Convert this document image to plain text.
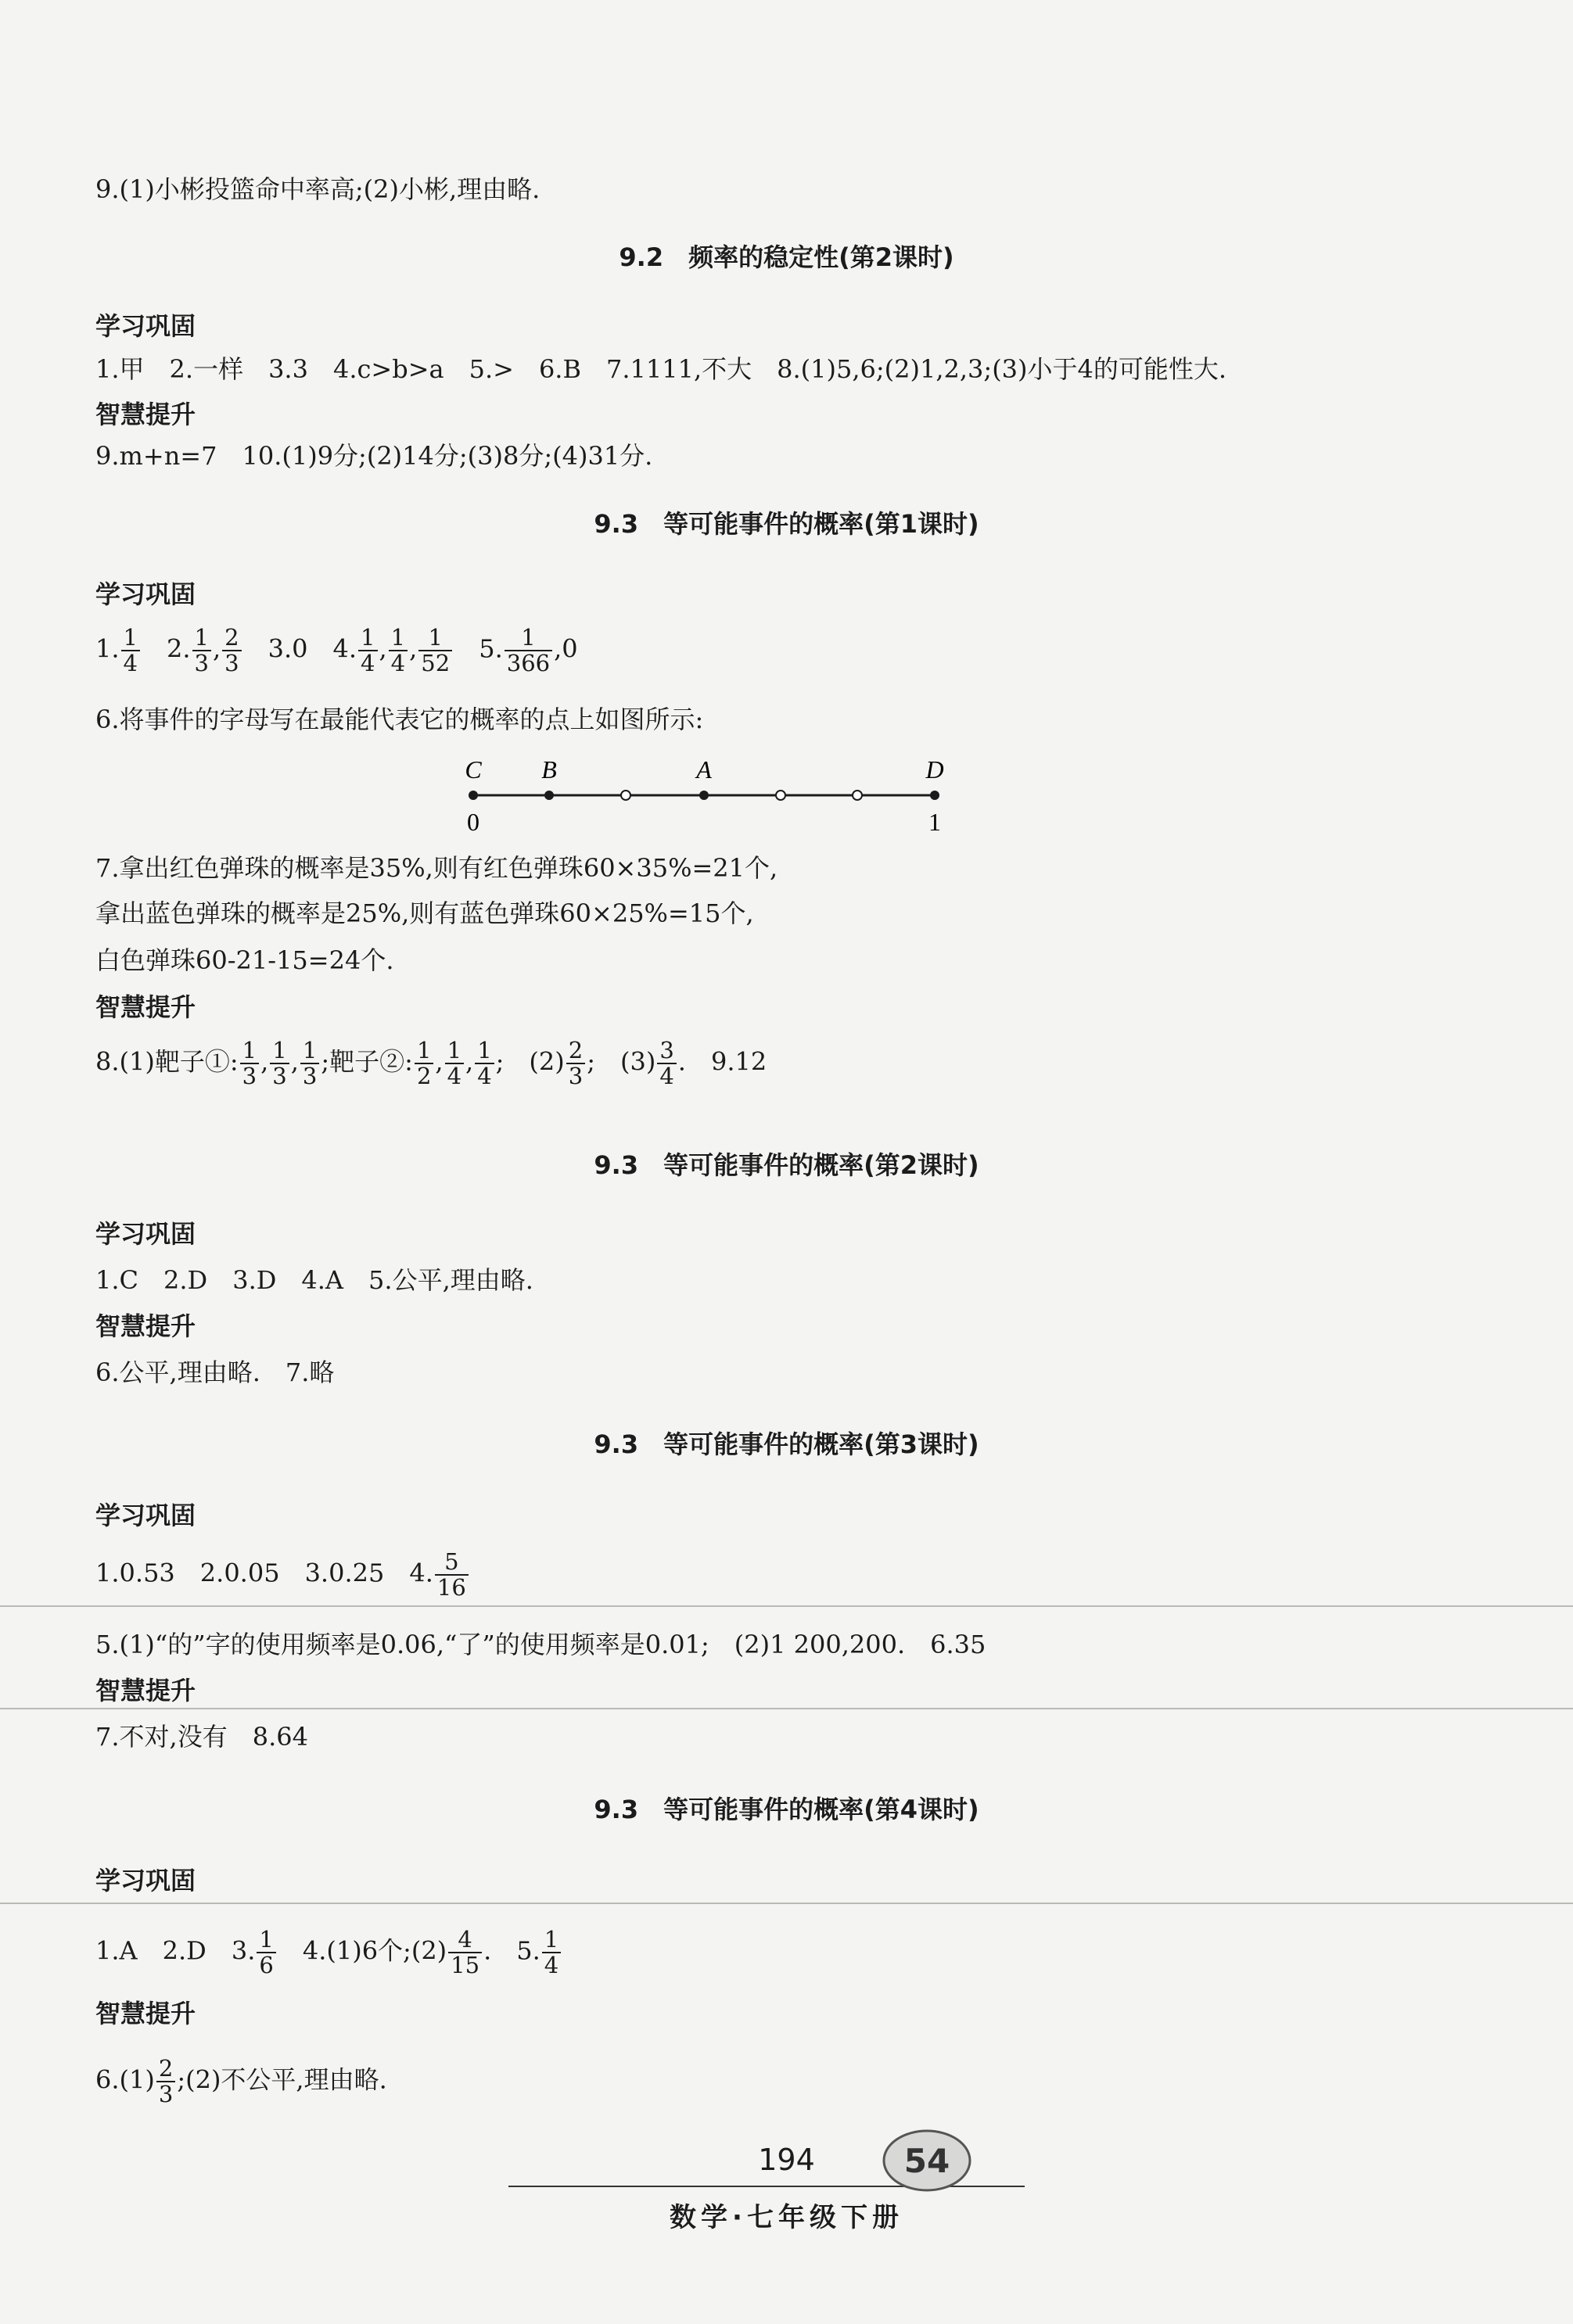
9.(1)小彬投篮命中率高;(2)小彬,理由略.
9.2　频率的稳定性(第2课时)
学习巩固
1.甲　2.一样　3.3　4.c>b>a　5.>　6.B　7.1111,不大　8.(1)5,6;(2)1,2,3;(3)小于4的可能性大.
智慧提升
9.m+n=7　10.(1)9分;(2)14分;(3)8分;(4)31分.
9.3　等可能事件的概率(第1课时)
学习巩固
1. $\frac{1}{4}$ 　2. $\frac{1}{3}$ , $\frac{2}{3}$ 　3.0　4. $\frac{1}{4}$ , $\frac{1}{4}$ , $\frac{1}{52}$ 　5. $\frac{1}{366} ,0$
6.将事件的字母写在最能代表它的概率的点上如图所示:
C B	A	D
0	1
7.拿出红色弹珠的概率是35%,则有红色弹珠60×35%=21个,
拿出蓝色弹珠的概率是25%,则有蓝色弹珠60×25%=15个,
白色弹珠60-21-15=24个.
智慧提升
8.(1)靶子①: $\frac{1}{3}$ , $\frac{1}{3}$ , $\frac{1}{3}$ ;靶子②: $\frac{1}{2}$ , $\frac{1}{4}$ , $\frac{1}{4}$ ;　$(2) \frac{2}{3}$ ;　$(3) \frac{3}{4}$ .　9.12
9.3　等可能事件的概率(第2课时)
学习巩固
1.C　2.D　3.D　4.A　5.公平,理由略.
智慧提升
6.公平,理由略.　7.略
9.3　等可能事件的概率(第3课时)
学习巩固
1.0.53　2.0.05　3.0.25　4. $\frac{5}{16}$
5.(1)“的”字的使用频率是0.06,“了”的使用频率是0.01;　(2)1 200,200.　6.35
智慧提升
7.不对,没有　8.64
9.3　等可能事件的概率(第4课时)
学习巩固
1.A　2.D　3. $\frac{1}{6}$ 　4.(1)6个;(2) $\frac{4}{15}$ .　5. $\frac{1}{4}$
智慧提升
$6.(1) \frac{2}{3}$ ;(2)不公平,理由略.
194
数学·七年级下册
54
